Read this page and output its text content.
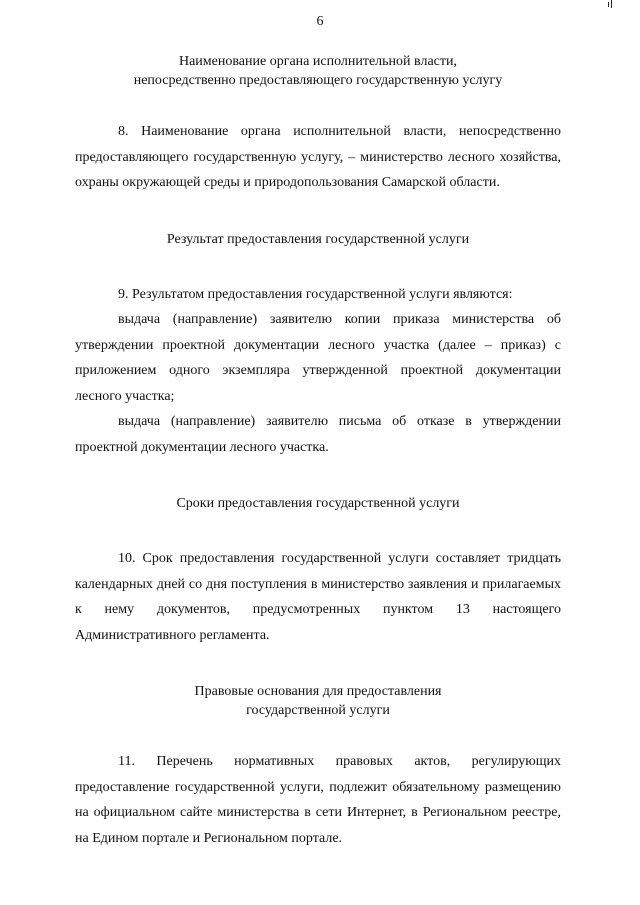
6
Наименование органа исполнительной власти,
непосредственно предоставляющего государственную услугу

8. Наименование органа исполнительной власти, непосредственно предоставляющего государственную услугу, – министерство лесного хозяйства, охраны окружающей среды и природопользования Самарской области.

Результат предоставления государственной услуги

9. Результатом предоставления государственной услуги являются:

выдача (направление) заявителю копии приказа министерства об утверждении проектной документации лесного участка (далее – приказ) с приложением одного экземпляра утвержденной проектной документации лесного участка;

выдача (направление) заявителю письма об отказе в утверждении проектной документации лесного участка.

Сроки предоставления государственной услуги

10. Срок предоставления государственной услуги составляет тридцать календарных дней со дня поступления в министерство заявления и прилагаемых к нему документов, предусмотренных пунктом 13 настоящего Административного регламента.

Правовые основания для предоставления
государственной услуги

11. Перечень нормативных правовых актов, регулирующих предоставление государственной услуги, подлежит обязательному размещению на официальном сайте министерства в сети Интернет, в Региональном реестре, на Едином портале и Региональном портале.
